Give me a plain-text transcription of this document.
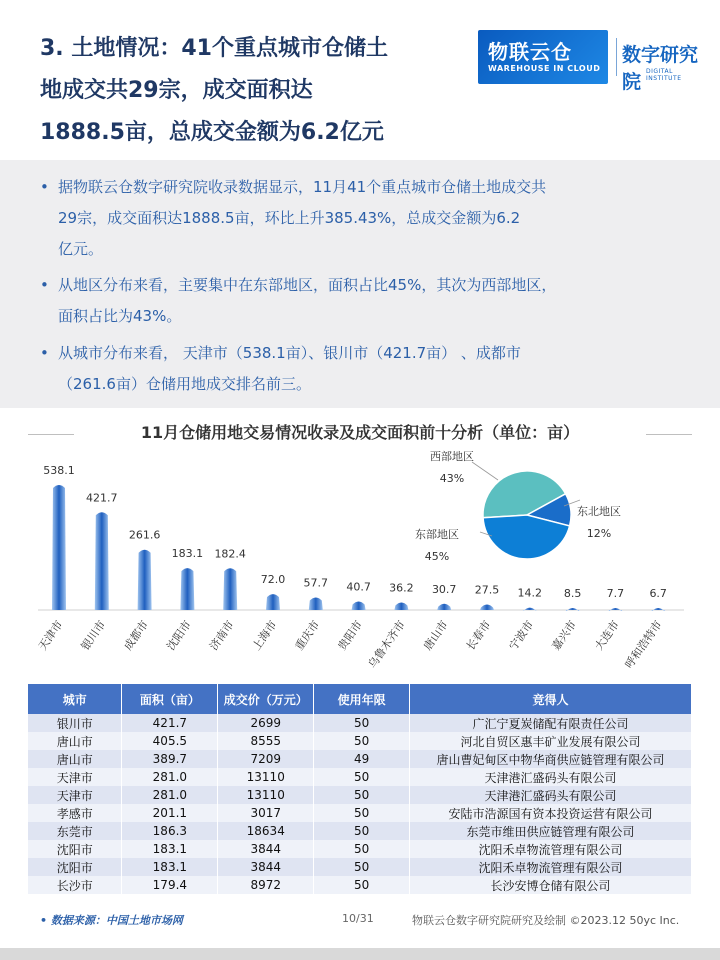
3. 土地情况：41个重点城市仓储土
地成交共29宗，成交面积达
1888.5亩，总成交金额为6.2亿元
物联云仓
WAREHOUSE IN CLOUD
数字研究院 DIGITAL INSTITUTE
• 据物联云仓数字研究院收录数据显示，11月41个重点城市仓储土地成交共
29宗，成交面积达1888.5亩，环比上升385.43%，总成交金额为6.2
亿元。
• 从地区分布来看，主要集中在东部地区，面积占比45%，其次为西部地区，
面积占比为43%。
• 从城市分布来看， 天津市（538.1亩）、银川市（421.7亩） 、成都市
（261.6亩）仓储用地成交排名前三。
11月仓储用地交易情况收录及成交面积前十分析（单位：亩）
538.1
天津市
421.7
银川市
261.6
成都市
183.1
沈阳市
182.4
济南市
72.0
上海市
57.7
重庆市
40.7
贵阳市
36.2
乌鲁木齐市
30.7
唐山市
27.5
长春市
14.2
宁波市
8.5
嘉兴市
7.7
大连市
6.7
呼和浩特市
西部地区
43%
东北地区
12%
东部地区
45%
城市	面积（亩）	成交价（万元）	使用年限	竞得人
银川市	421.7	2699	50	广汇宁夏炭储配有限责任公司
唐山市	405.5	8555	50	河北自贸区惠丰矿业发展有限公司
唐山市	389.7	7209	49	唐山曹妃甸区中物华商供应链管理有限公司
天津市	281.0	13110	50	天津港汇盛码头有限公司
天津市	281.0	13110	50	天津港汇盛码头有限公司
孝感市	201.1	3017	50	安陆市浩源国有资本投资运营有限公司
东莞市	186.3	18634	50	东莞市维田供应链管理有限公司
沈阳市	183.1	3844	50	沈阳禾卓物流管理有限公司
沈阳市	183.1	3844	50	沈阳禾卓物流管理有限公司
长沙市	179.4	8972	50	长沙安博仓储有限公司
• 数据来源：中国土地市场网	10/31	物联云仓数字研究院研究及绘制 ©2023.12 50yc Inc.
